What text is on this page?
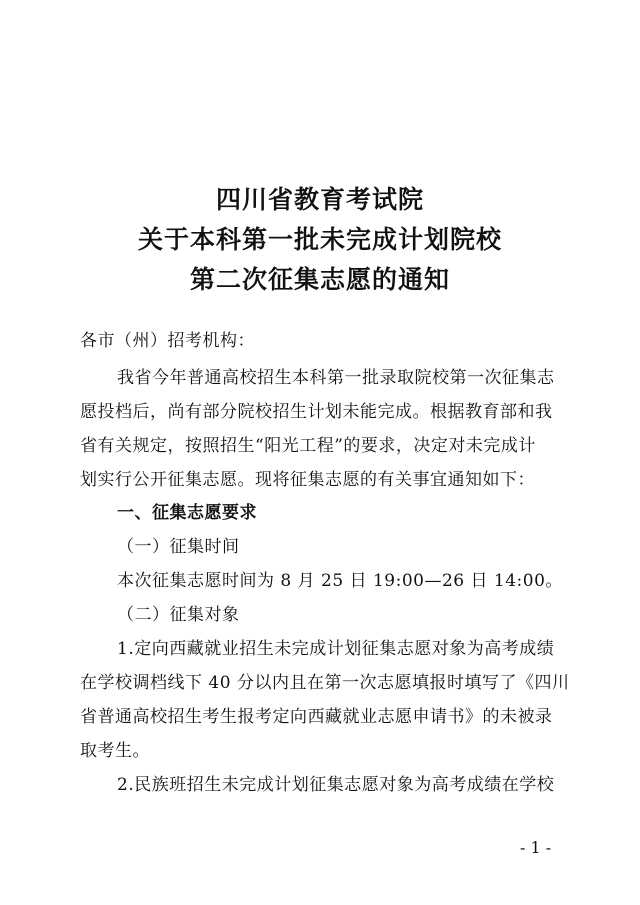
四川省教育考试院
关于本科第一批未完成计划院校
第二次征集志愿的通知
各市（州）招考机构：
我省今年普通高校招生本科第一批录取院校第一次征集志
愿投档后，尚有部分院校招生计划未能完成。根据教育部和我
省有关规定，按照招生“阳光工程”的要求，决定对未完成计
划实行公开征集志愿。现将征集志愿的有关事宜通知如下：
一、征集志愿要求
（一）征集时间
本次征集志愿时间为 8 月 25 日 19:00—26 日 14:00。
（二）征集对象
1.定向西藏就业招生未完成计划征集志愿对象为高考成绩
在学校调档线下 40 分以内且在第一次志愿填报时填写了《四川
省普通高校招生考生报考定向西藏就业志愿申请书》的未被录
取考生。
2.民族班招生未完成计划征集志愿对象为高考成绩在学校
- 1 -
